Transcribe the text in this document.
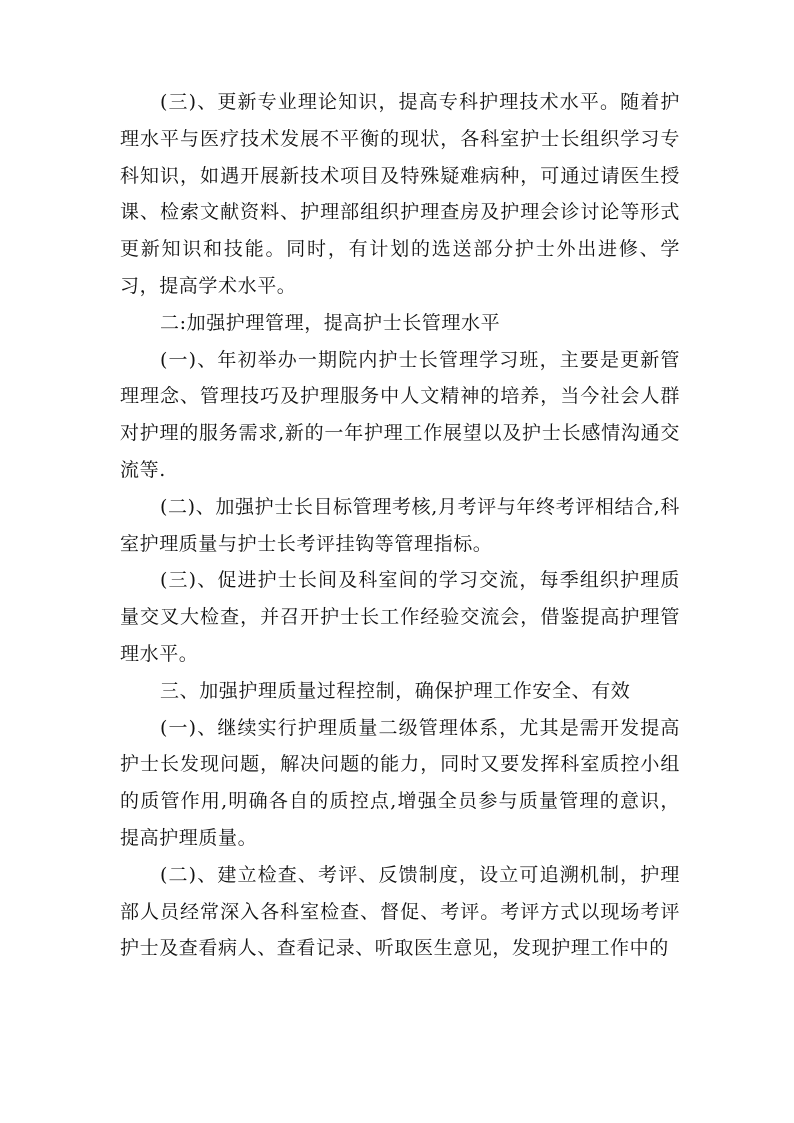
(三)、更新专业理论知识，提高专科护理技术水平。随着护理水平与医疗技术发展不平衡的现状，各科室护士长组织学习专科知识，如遇开展新技术项目及特殊疑难病种，可通过请医生授课、检索文献资料、护理部组织护理查房及护理会诊讨论等形式更新知识和技能。同时，有计划的选送部分护士外出进修、学习，提高学术水平。

二:加强护理管理，提高护士长管理水平

(一)、年初举办一期院内护士长管理学习班，主要是更新管理理念、管理技巧及护理服务中人文精神的培养，当今社会人群对护理的服务需求,新的一年护理工作展望以及护士长感情沟通交流等.

(二)、加强护士长目标管理考核,月考评与年终考评相结合,科室护理质量与护士长考评挂钩等管理指标。

(三)、促进护士长间及科室间的学习交流，每季组织护理质量交叉大检查，并召开护士长工作经验交流会，借鉴提高护理管理水平。

三、加强护理质量过程控制，确保护理工作安全、有效

(一)、继续实行护理质量二级管理体系，尤其是需开发提高护士长发现问题，解决问题的能力，同时又要发挥科室质控小组的质管作用,明确各自的质控点,增强全员参与质量管理的意识，提高护理质量。

(二)、建立检查、考评、反馈制度，设立可追溯机制，护理部人员经常深入各科室检查、督促、考评。考评方式以现场考评护士及查看病人、查看记录、听取医生意见，发现护理工作中的
